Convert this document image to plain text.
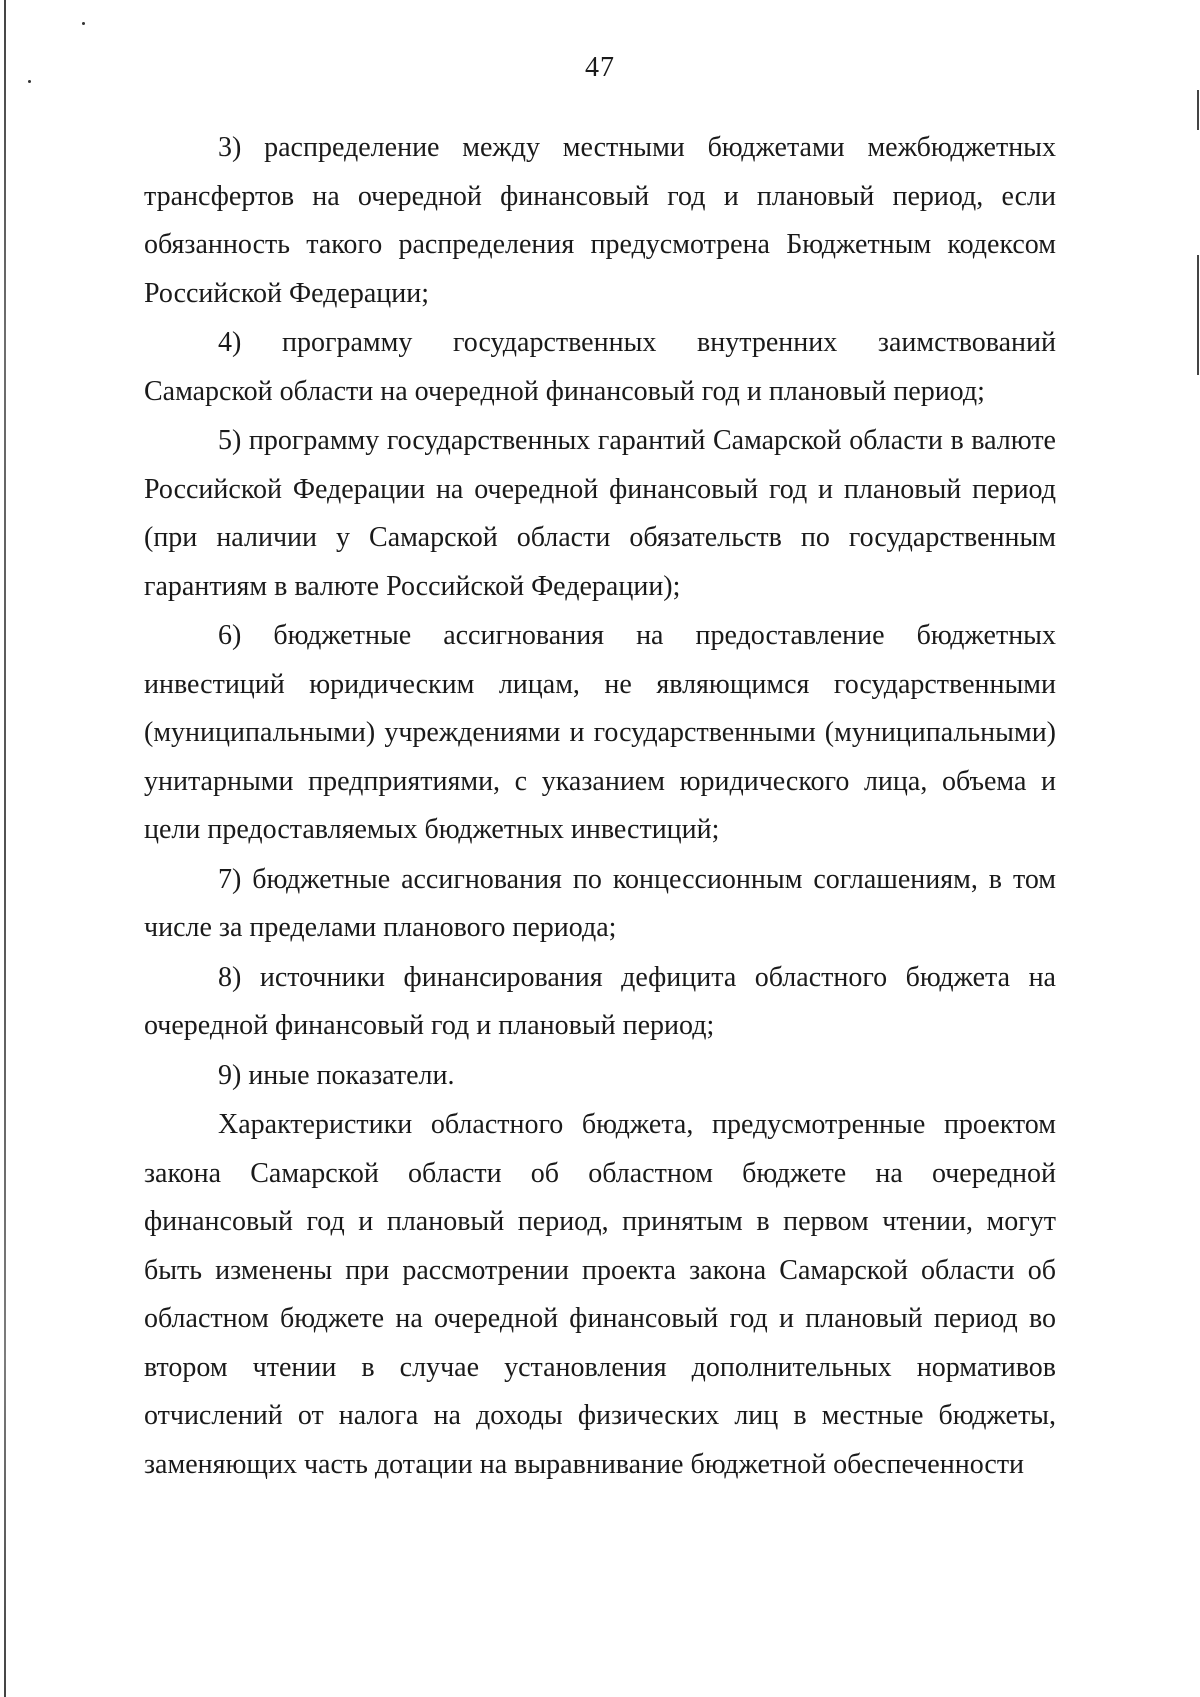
47

3) распределение между местными бюджетами межбюджетных трансфертов на очередной финансовый год и плановый период, если обязанность такого распределения предусмотрена Бюджетным кодексом Российской Федерации;

4) программу государственных внутренних заимствований Самарской области на очередной финансовый год и плановый период;

5) программу государственных гарантий Самарской области в валюте Российской Федерации на очередной финансовый год и плановый период (при наличии у Самарской области обязательств по государственным гарантиям в валюте Российской Федерации);

6) бюджетные ассигнования на предоставление бюджетных инвестиций юридическим лицам, не являющимся государственными (муниципальными) учреждениями и государственными (муниципальными) унитарными предприятиями, с указанием юридического лица, объема и цели предоставляемых бюджетных инвестиций;

7) бюджетные ассигнования по концессионным соглашениям, в том числе за пределами планового периода;

8) источники финансирования дефицита областного бюджета на очередной финансовый год и плановый период;

9) иные показатели.

Характеристики областного бюджета, предусмотренные проектом закона Самарской области об областном бюджете на очередной финансовый год и плановый период, принятым в первом чтении, могут быть изменены при рассмотрении проекта закона Самарской области об областном бюджете на очередной финансовый год и плановый период во втором чтении в случае установления дополнительных нормативов отчислений от налога на доходы физических лиц в местные бюджеты, заменяющих часть дотации на выравнивание бюджетной обеспеченности
